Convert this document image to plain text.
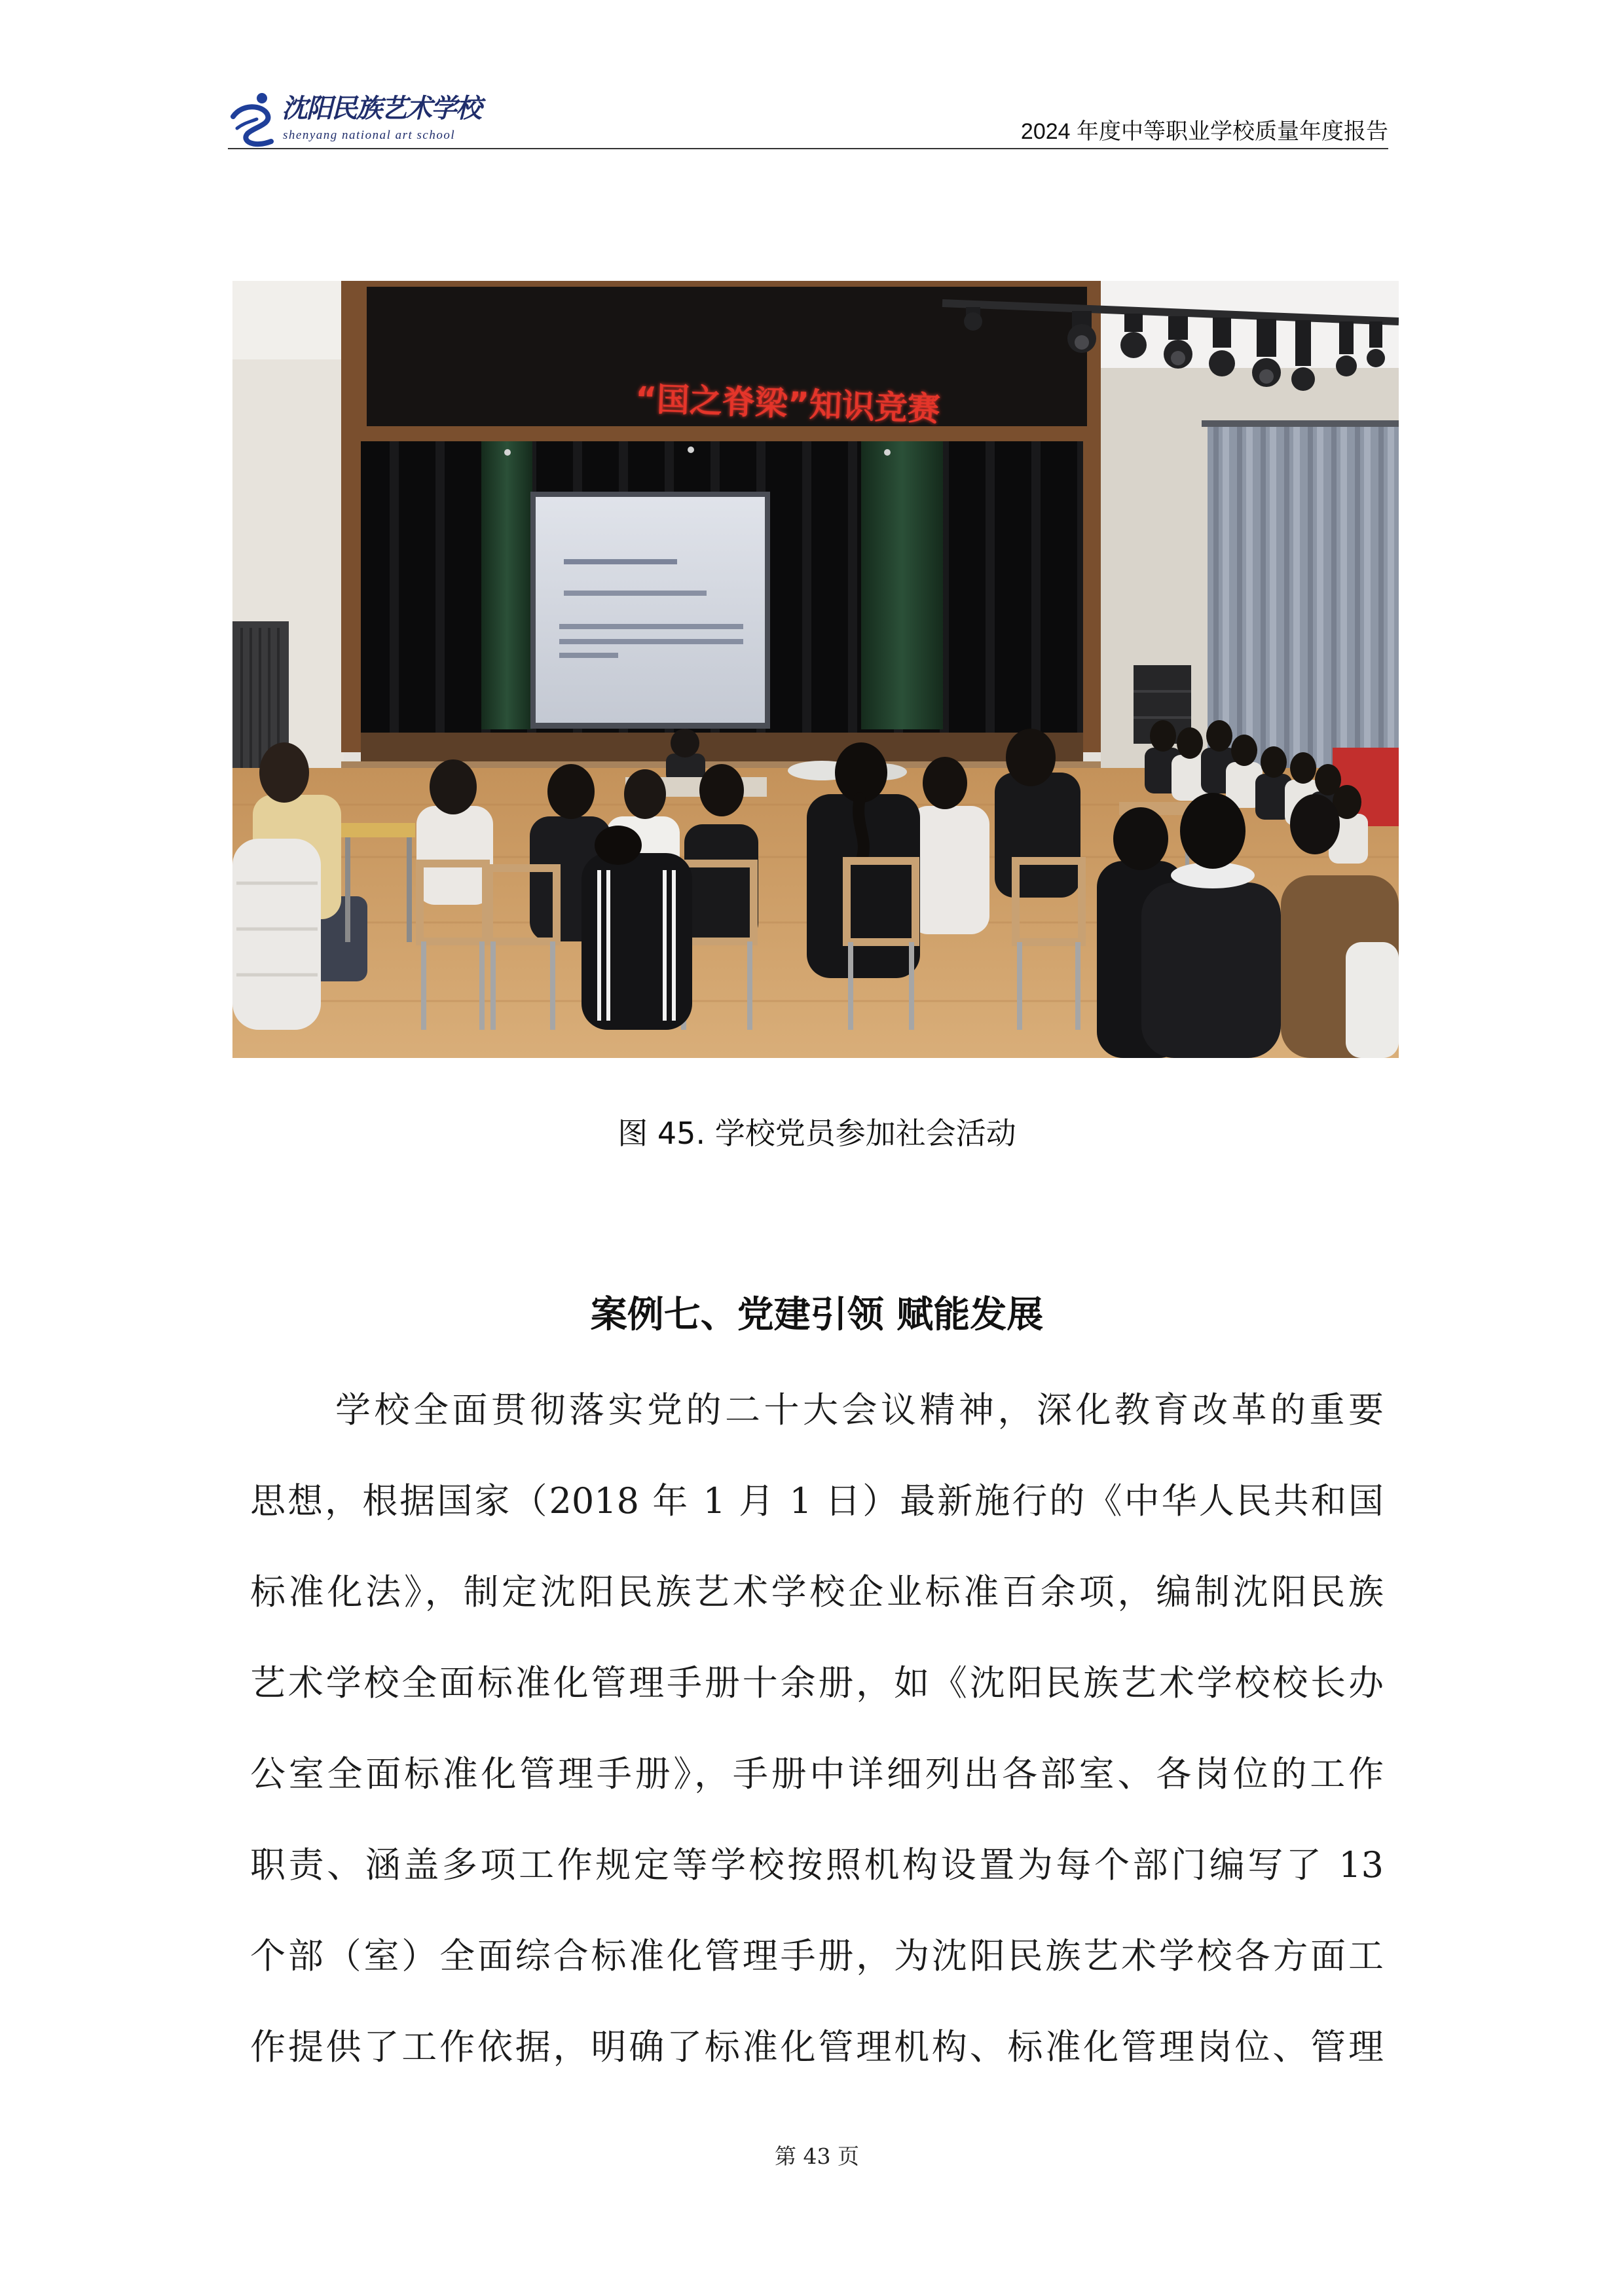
沈阳民族艺术学校
shenyang national art school	2024 年度中等职业学校质量年度报告
“国之脊梁”知识竞赛
图 45. 学校党员参加社会活动
案例七、党建引领 赋能发展
学校全面贯彻落实党的二十大会议精神，深化教育改革的重要
思想，根据国家（2018 年 1 月 1 日）最新施行的《中华人民共和国
标准化法》，制定沈阳民族艺术学校企业标准百余项，编制沈阳民族
艺术学校全面标准化管理手册十余册，如《沈阳民族艺术学校校长办
公室全面标准化管理手册》，手册中详细列出各部室、各岗位的工作
职责、涵盖多项工作规定等学校按照机构设置为每个部门编写了 13
个部（室）全面综合标准化管理手册，为沈阳民族艺术学校各方面工
作提供了工作依据，明确了标准化管理机构、标准化管理岗位、管理
第 43 页
